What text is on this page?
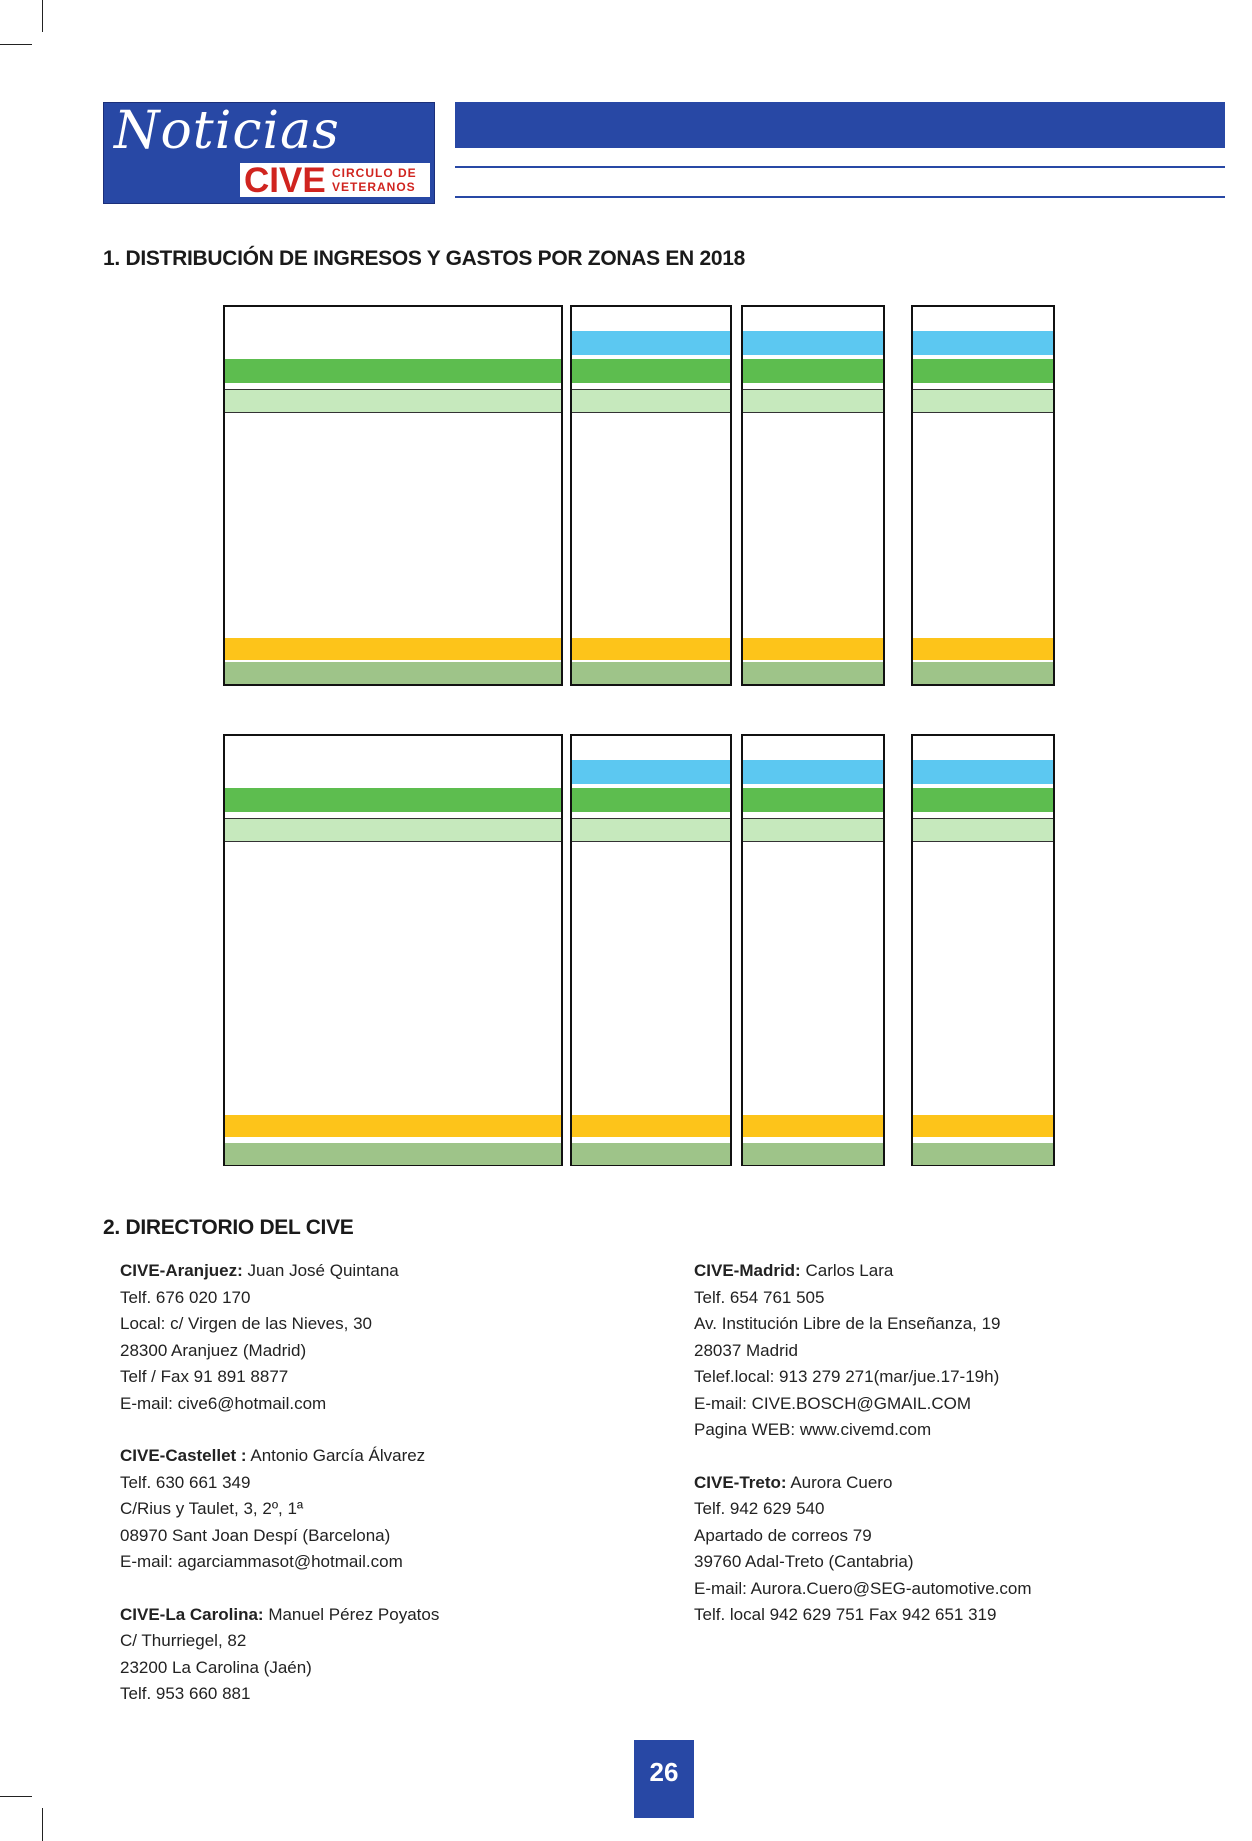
Noticias
CIVE CIRCULO DE
VETERANOS
1. DISTRIBUCIÓN DE INGRESOS Y GASTOS POR ZONAS EN 2018
2. DIRECTORIO DEL CIVE
CIVE-Aranjuez: Juan José Quintana
Telf. 676 020 170
Local: c/ Virgen de las Nieves, 30
28300 Aranjuez (Madrid)
Telf / Fax 91 891 8877
E-mail: cive6@hotmail.com
CIVE-Castellet : Antonio García Álvarez
Telf. 630 661 349
C/Rius y Taulet, 3, 2º, 1ª
08970 Sant Joan Despí (Barcelona)
E-mail: agarciammasot@hotmail.com
CIVE-La Carolina: Manuel Pérez Poyatos
C/ Thurriegel, 82
23200 La Carolina (Jaén)
Telf. 953 660 881
CIVE-Madrid: Carlos Lara
Telf. 654 761 505
Av. Institución Libre de la Enseñanza, 19
28037 Madrid
Telef.local: 913 279 271(mar/jue.17-19h)
E-mail: CIVE.BOSCH@GMAIL.COM
Pagina WEB: www.civemd.com
CIVE-Treto: Aurora Cuero
Telf. 942 629 540
Apartado de correos 79
39760 Adal-Treto (Cantabria)
E-mail: Aurora.Cuero@SEG-automotive.com
Telf. local 942 629 751 Fax 942 651 319
26
